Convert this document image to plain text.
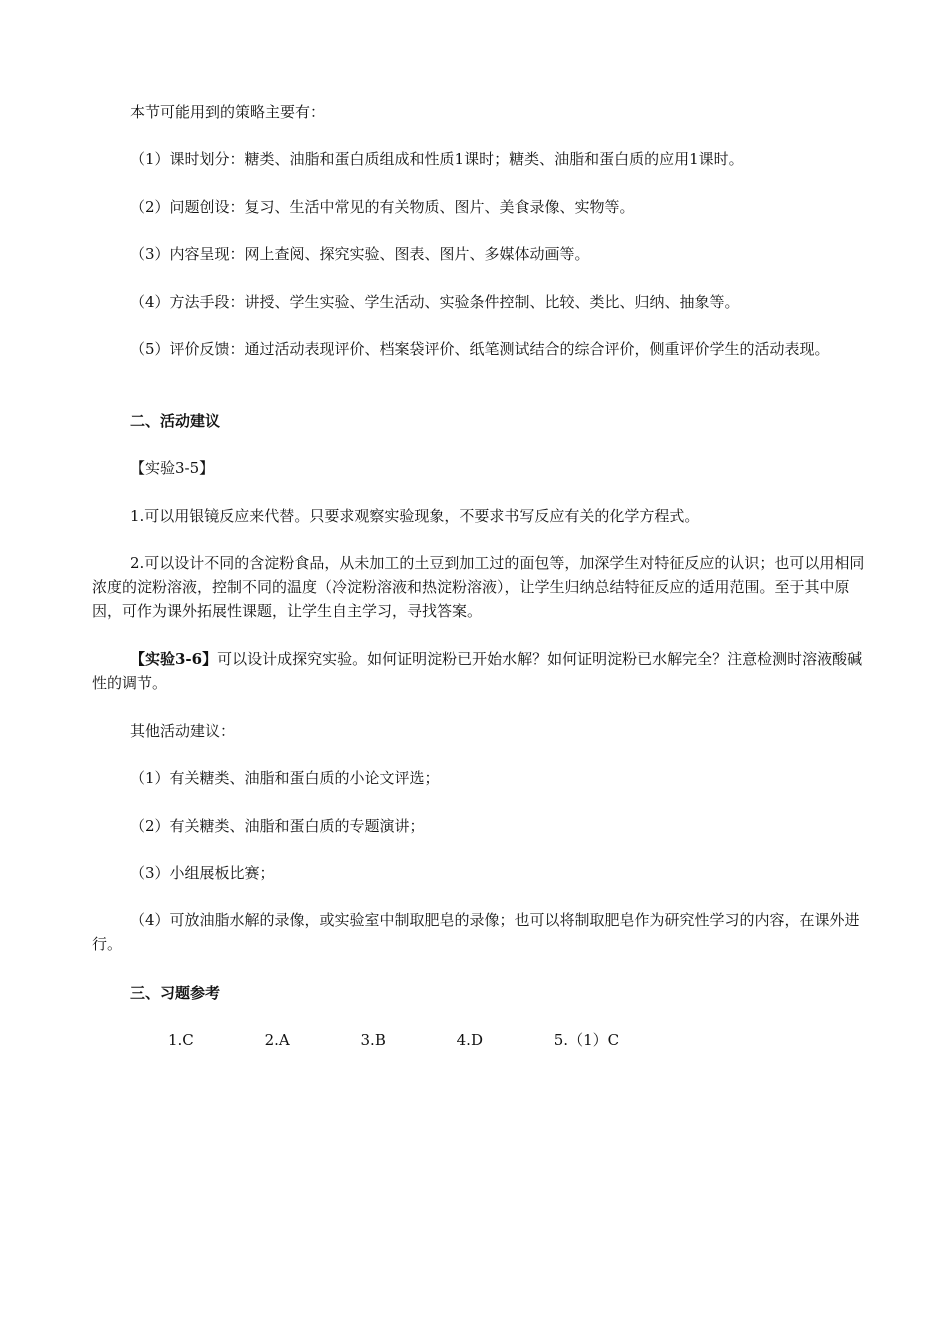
本节可能用到的策略主要有：

（1）课时划分：糖类、油脂和蛋白质组成和性质1课时；糖类、油脂和蛋白质的应用1课时。

（2）问题创设：复习、生活中常见的有关物质、图片、美食录像、实物等。

（3）内容呈现：网上查阅、探究实验、图表、图片、多媒体动画等。

（4）方法手段：讲授、学生实验、学生活动、实验条件控制、比较、类比、归纳、抽象等。

（5）评价反馈：通过活动表现评价、档案袋评价、纸笔测试结合的综合评价，侧重评价学生的活动表现。

二、活动建议

【实验3-5】

1.可以用银镜反应来代替。只要求观察实验现象，不要求书写反应有关的化学方程式。

2.可以设计不同的含淀粉食品，从未加工的土豆到加工过的面包等，加深学生对特征反应的认识；也可以用相同浓度的淀粉溶液，控制不同的温度（冷淀粉溶液和热淀粉溶液），让学生归纳总结特征反应的适用范围。至于其中原因，可作为课外拓展性课题，让学生自主学习，寻找答案。

【实验3-6】可以设计成探究实验。如何证明淀粉已开始水解？如何证明淀粉已水解完全？注意检测时溶液酸碱性的调节。

其他活动建议：

（1）有关糖类、油脂和蛋白质的小论文评选；

（2）有关糖类、油脂和蛋白质的专题演讲；

（3）小组展板比赛；

（4）可放油脂水解的录像，或实验室中制取肥皂的录像；也可以将制取肥皂作为研究性学习的内容，在课外进行。

三、习题参考

1.C	2.A	3.B	4.D	5.（1）C
